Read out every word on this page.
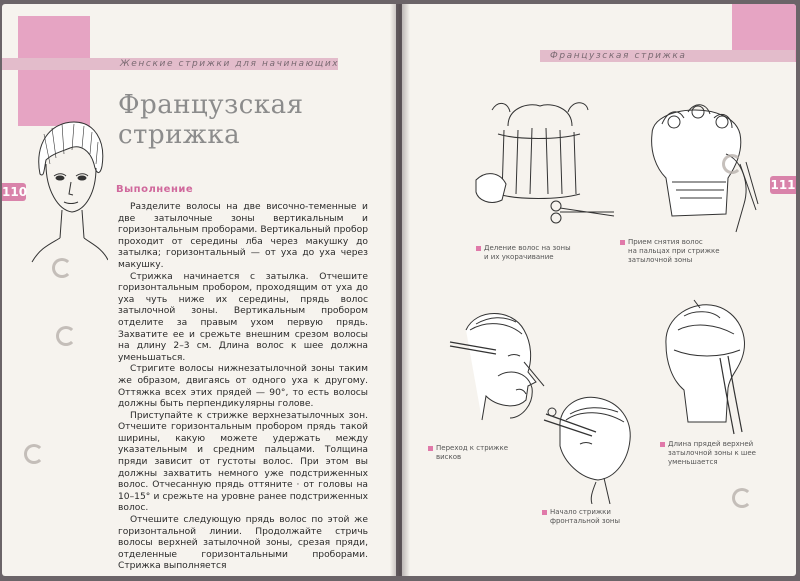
Женские стрижки для начинающих
110
Французская
стрижка
Выполнение

Разделите волосы на две височно-теменные и две затылочные зоны вертикальным и горизонтальным проборами. Вертикальный пробор проходит от середины лба через макушку до затылка; горизонтальный — от уха до уха через макушку.

Стрижка начинается с затылка. Отчешите горизонтальным пробором, проходящим от уха до уха чуть ниже их середины, прядь волос затылочной зоны. Вертикальным пробором отделите за правым ухом первую прядь. Захватите ее и срежьте внешним срезом волосы на длину 2–3 см. Длина волос к шее должна уменьшаться.

Стригите волосы нижнезатылочной зоны таким же образом, двигаясь от одного уха к другому. Оттяжка всех этих прядей — 90°, то есть волосы должны быть перпендикулярны голове.

Приступайте к стрижке верхнезатылочных зон. Отчешите горизонтальным пробором прядь такой ширины, какую можете удержать между указательным и средним пальцами. Толщина пряди зависит от густоты волос. При этом вы должны захватить немного уже подстриженных волос. Отчесанную прядь оттяните · от головы на 10–15° и срежьте на уровне ранее подстриженных волос.

Отчешите следующую прядь волос по этой же горизонтальной линии. Продолжайте стричь волосы верхней затылочной зоны, срезая пряди, отделенные горизонтальными проборами. Стрижка выполняется

Французская стрижка
111
Деление волос на зоны
и их укорачивание
Прием снятия волос
на пальцах при стрижке
затылочной зоны
Переход к стрижке
висков
Длина прядей верхней
затылочной зоны к шее
уменьшается
Начало стрижки
фронтальной зоны
